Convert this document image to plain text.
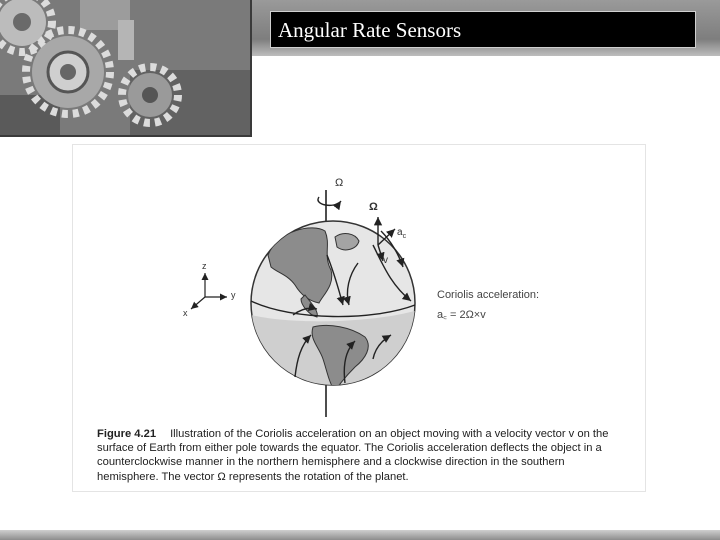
Angular Rate Sensors
Ω
Ω
$a_c$
v
z
y
x
Coriolis acceleration:
a꜀ = 2Ω×v
Figure 4.21 Illustration of the Coriolis acceleration on an object moving with a velocity vector v on the surface of Earth from either pole towards the equator. The Coriolis acceleration deflects the object in a counterclockwise manner in the northern hemisphere and a clockwise direction in the southern hemisphere. The vector Ω represents the rotation of the planet.
